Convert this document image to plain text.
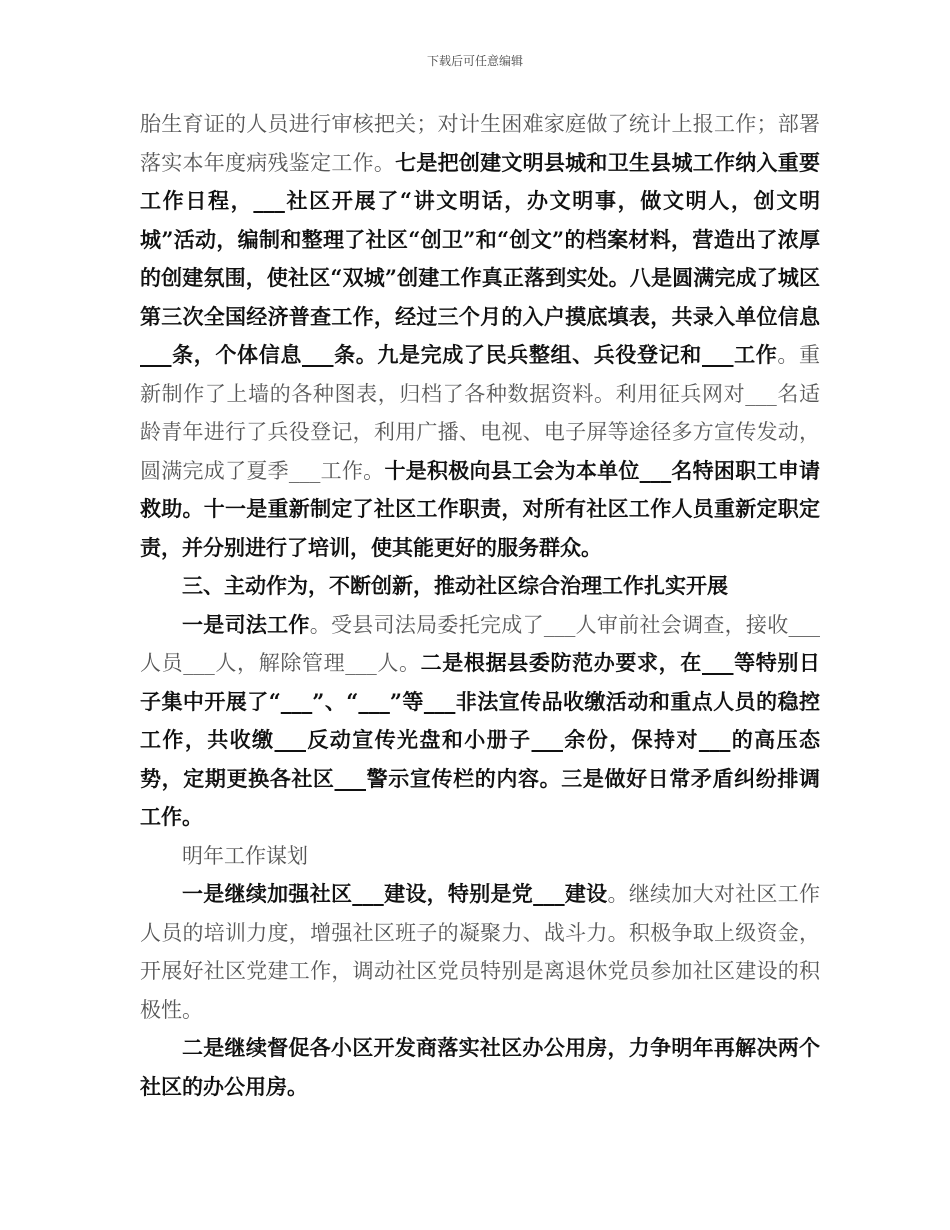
下载后可任意编辑

胎生育证的人员进行审核把关；对计生困难家庭做了统计上报工作；部署落实本年度病残鉴定工作。七是把创建文明县城和卫生县城工作纳入重要工作日程，___社区开展了“讲文明话，办文明事，做文明人，创文明城”活动，编制和整理了社区“创卫”和“创文”的档案材料，营造出了浓厚的创建氛围，使社区“双城”创建工作真正落到实处。八是圆满完成了城区第三次全国经济普查工作，经过三个月的入户摸底填表，共录入单位信息___条，个体信息___条。九是完成了民兵整组、兵役登记和___工作。重新制作了上墙的各种图表，归档了各种数据资料。利用征兵网对___名适龄青年进行了兵役登记，利用广播、电视、电子屏等途径多方宣传发动，圆满完成了夏季___工作。十是积极向县工会为本单位___名特困职工申请救助。十一是重新制定了社区工作职责，对所有社区工作人员重新定职定责，并分别进行了培训，使其能更好的服务群众。

三、主动作为，不断创新，推动社区综合治理工作扎实开展

一是司法工作。受县司法局委托完成了___人审前社会调查，接收___人员___人，解除管理___人。二是根据县委防范办要求，在___等特别日子集中开展了“___”、“___”等___非法宣传品收缴活动和重点人员的稳控工作，共收缴___反动宣传光盘和小册子___余份，保持对___的高压态势，定期更换各社区___警示宣传栏的内容。三是做好日常矛盾纠纷排调工作。

明年工作谋划

一是继续加强社区___建设，特别是党___建设。继续加大对社区工作人员的培训力度，增强社区班子的凝聚力、战斗力。积极争取上级资金，开展好社区党建工作，调动社区党员特别是离退休党员参加社区建设的积极性。

二是继续督促各小区开发商落实社区办公用房，力争明年再解决两个社区的办公用房。
